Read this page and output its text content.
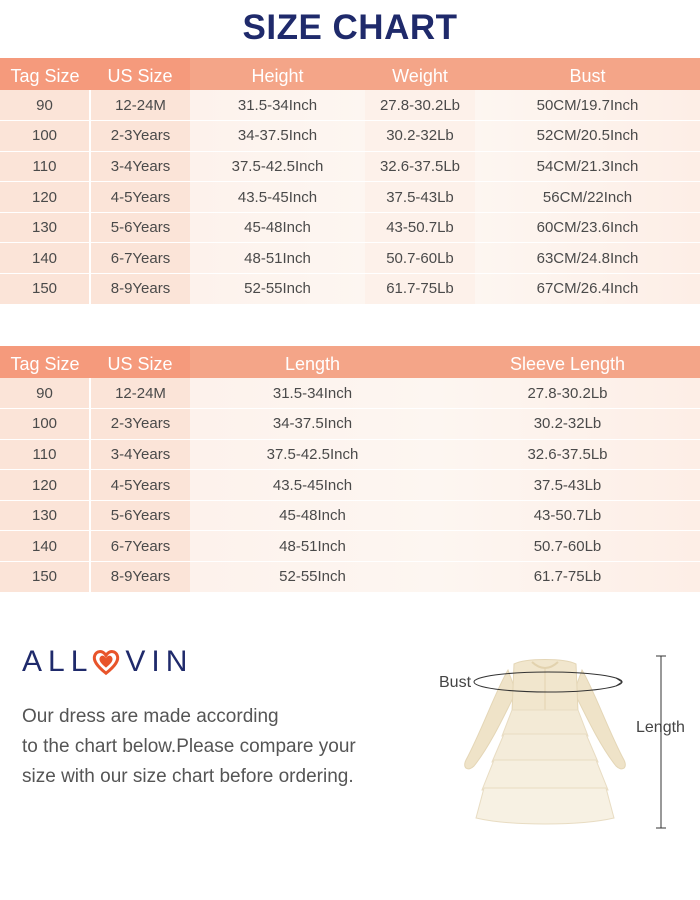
SIZE CHART
Tag Size	US Size	Height	Weight	Bust
90	12-24M	31.5-34Inch	27.8-30.2Lb	50CM/19.7Inch
100	2-3Years	34-37.5Inch	30.2-32Lb	52CM/20.5Inch
110	3-4Years	37.5-42.5Inch	32.6-37.5Lb	54CM/21.3Inch
120	4-5Years	43.5-45Inch	37.5-43Lb	56CM/22Inch
130	5-6Years	45-48Inch	43-50.7Lb	60CM/23.6Inch
140	6-7Years	48-51Inch	50.7-60Lb	63CM/24.8Inch
150	8-9Years	52-55Inch	61.7-75Lb	67CM/26.4Inch
Tag Size	US Size	Length	Sleeve Length
90	12-24M	31.5-34Inch	27.8-30.2Lb
100	2-3Years	34-37.5Inch	30.2-32Lb
110	3-4Years	37.5-42.5Inch	32.6-37.5Lb
120	4-5Years	43.5-45Inch	37.5-43Lb
130	5-6Years	45-48Inch	43-50.7Lb
140	6-7Years	48-51Inch	50.7-60Lb
150	8-9Years	52-55Inch	61.7-75Lb
ALL VIN
Our dress are made according
to the chart below.Please compare your
size with our size chart before ordering.
Bust
Length
